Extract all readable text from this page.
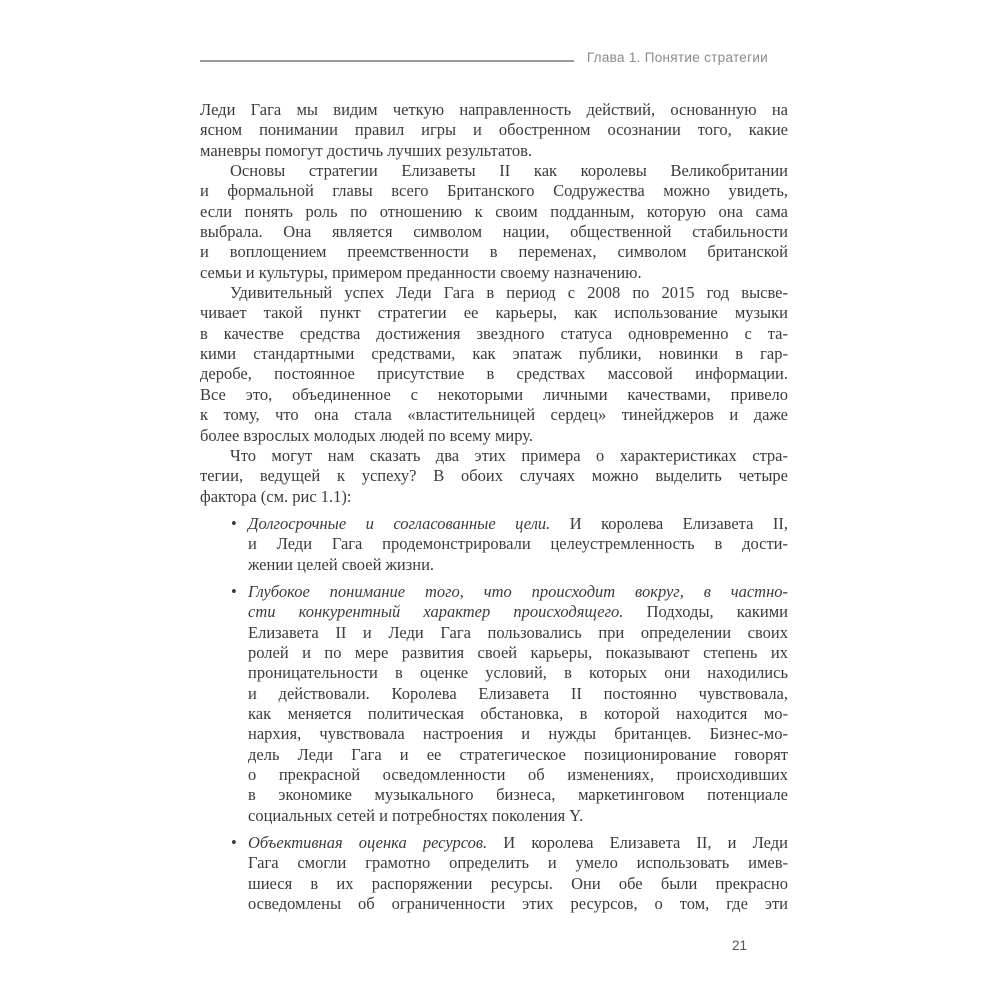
Глава 1. Понятие стратегии
Леди Гага мы видим четкую направленность действий, основанную на
ясном понимании правил игры и обостренном осознании того, какие
маневры помогут достичь лучших результатов.
Основы стратегии Елизаветы II как королевы Великобритании
и формальной главы всего Британского Содружества можно увидеть,
если понять роль по отношению к своим подданным, которую она сама
выбрала. Она является символом нации, общественной стабильности
и воплощением преемственности в переменах, символом британской
семьи и культуры, примером преданности своему назначению.
Удивительный успех Леди Гага в период с 2008 по 2015 год высве-
чивает такой пункт стратегии ее карьеры, как использование музыки
в качестве средства достижения звездного статуса одновременно с та-
кими стандартными средствами, как эпатаж публики, новинки в гар-
деробе, постоянное присутствие в средствах массовой информации.
Все это, объединенное с некоторыми личными качествами, привело
к тому, что она стала «властительницей сердец» тинейджеров и даже
более взрослых молодых людей по всему миру.
Что могут нам сказать два этих примера о характеристиках стра-
тегии, ведущей к успеху? В обоих случаях можно выделить четыре
фактора (см. рис 1.1):
• Долгосрочные и согласованные цели. И королева Елизавета II,
и Леди Гага продемонстрировали целеустремленность в дости-
жении целей своей жизни.
• Глубокое понимание того, что происходит вокруг, в частно-
сти конкурентный характер происходящего. Подходы, какими
Елизавета II и Леди Гага пользовались при определении своих
ролей и по мере развития своей карьеры, показывают степень их
проницательности в оценке условий, в которых они находились
и действовали. Королева Елизавета II постоянно чувствовала,
как меняется политическая обстановка, в которой находится мо-
нархия, чувствовала настроения и нужды британцев. Бизнес-мо-
дель Леди Гага и ее стратегическое позиционирование говорят
о прекрасной осведомленности об изменениях, происходивших
в экономике музыкального бизнеса, маркетинговом потенциале
социальных сетей и потребностях поколения Y.
• Объективная оценка ресурсов. И королева Елизавета II, и Леди
Гага смогли грамотно определить и умело использовать имев-
шиеся в их распоряжении ресурсы. Они обе были прекрасно
осведомлены об ограниченности этих ресурсов, о том, где эти
21
